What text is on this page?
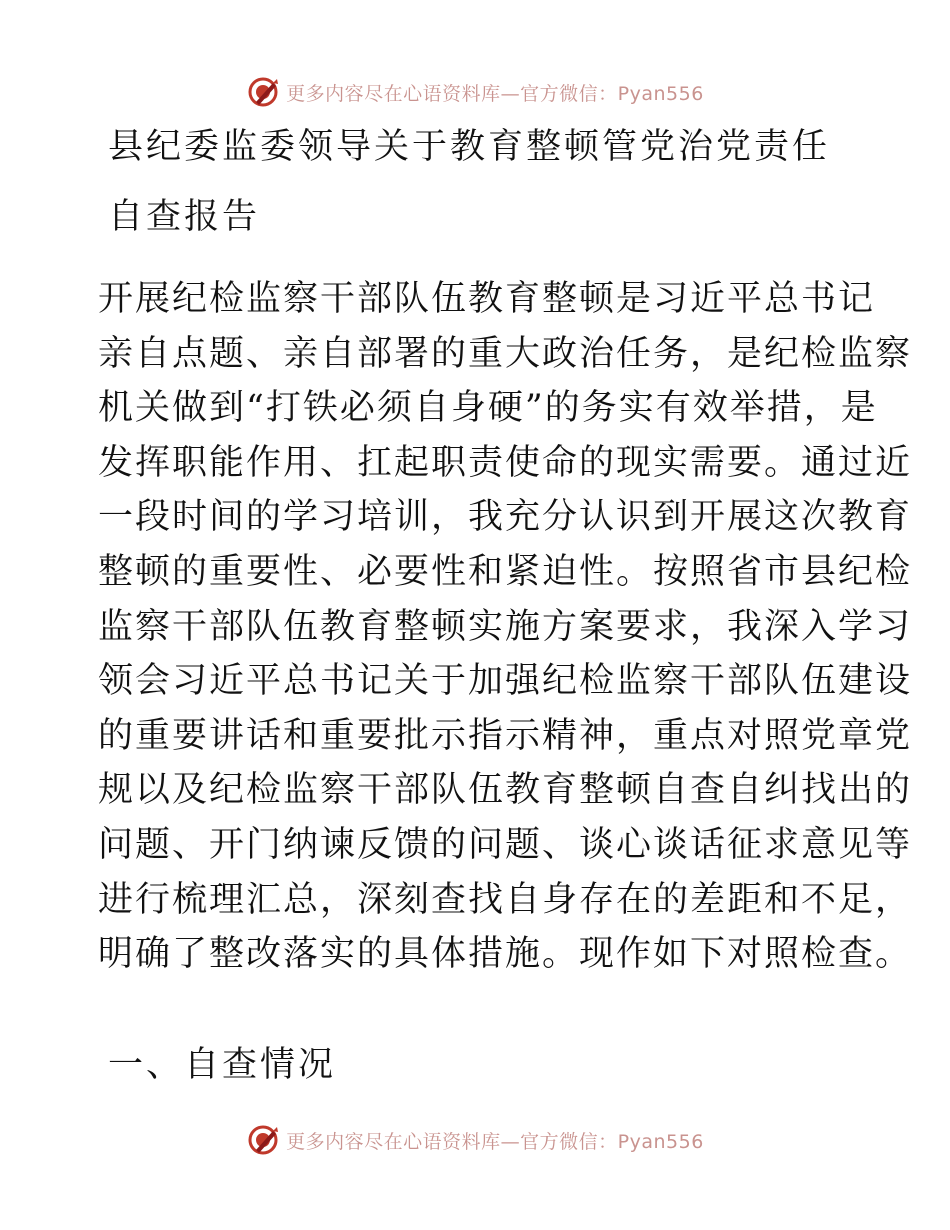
更多内容尽在心语资料库—官方微信：Pyan556
县纪委监委领导关于教育整顿管党治党责任
自查报告
开展纪检监察干部队伍教育整顿是习近平总书记
亲自点题、亲自部署的重大政治任务，是纪检监察
机关做到“打铁必须自身硬”的务实有效举措，是
发挥职能作用、扛起职责使命的现实需要。通过近
一段时间的学习培训，我充分认识到开展这次教育
整顿的重要性、必要性和紧迫性。按照省市县纪检
监察干部队伍教育整顿实施方案要求，我深入学习
领会习近平总书记关于加强纪检监察干部队伍建设
的重要讲话和重要批示指示精神，重点对照党章党
规以及纪检监察干部队伍教育整顿自查自纠找出的
问题、开门纳谏反馈的问题、谈心谈话征求意见等
进行梳理汇总，深刻查找自身存在的差距和不足，
明确了整改落实的具体措施。现作如下对照检查。
一、自查情况
更多内容尽在心语资料库—官方微信：Pyan556
